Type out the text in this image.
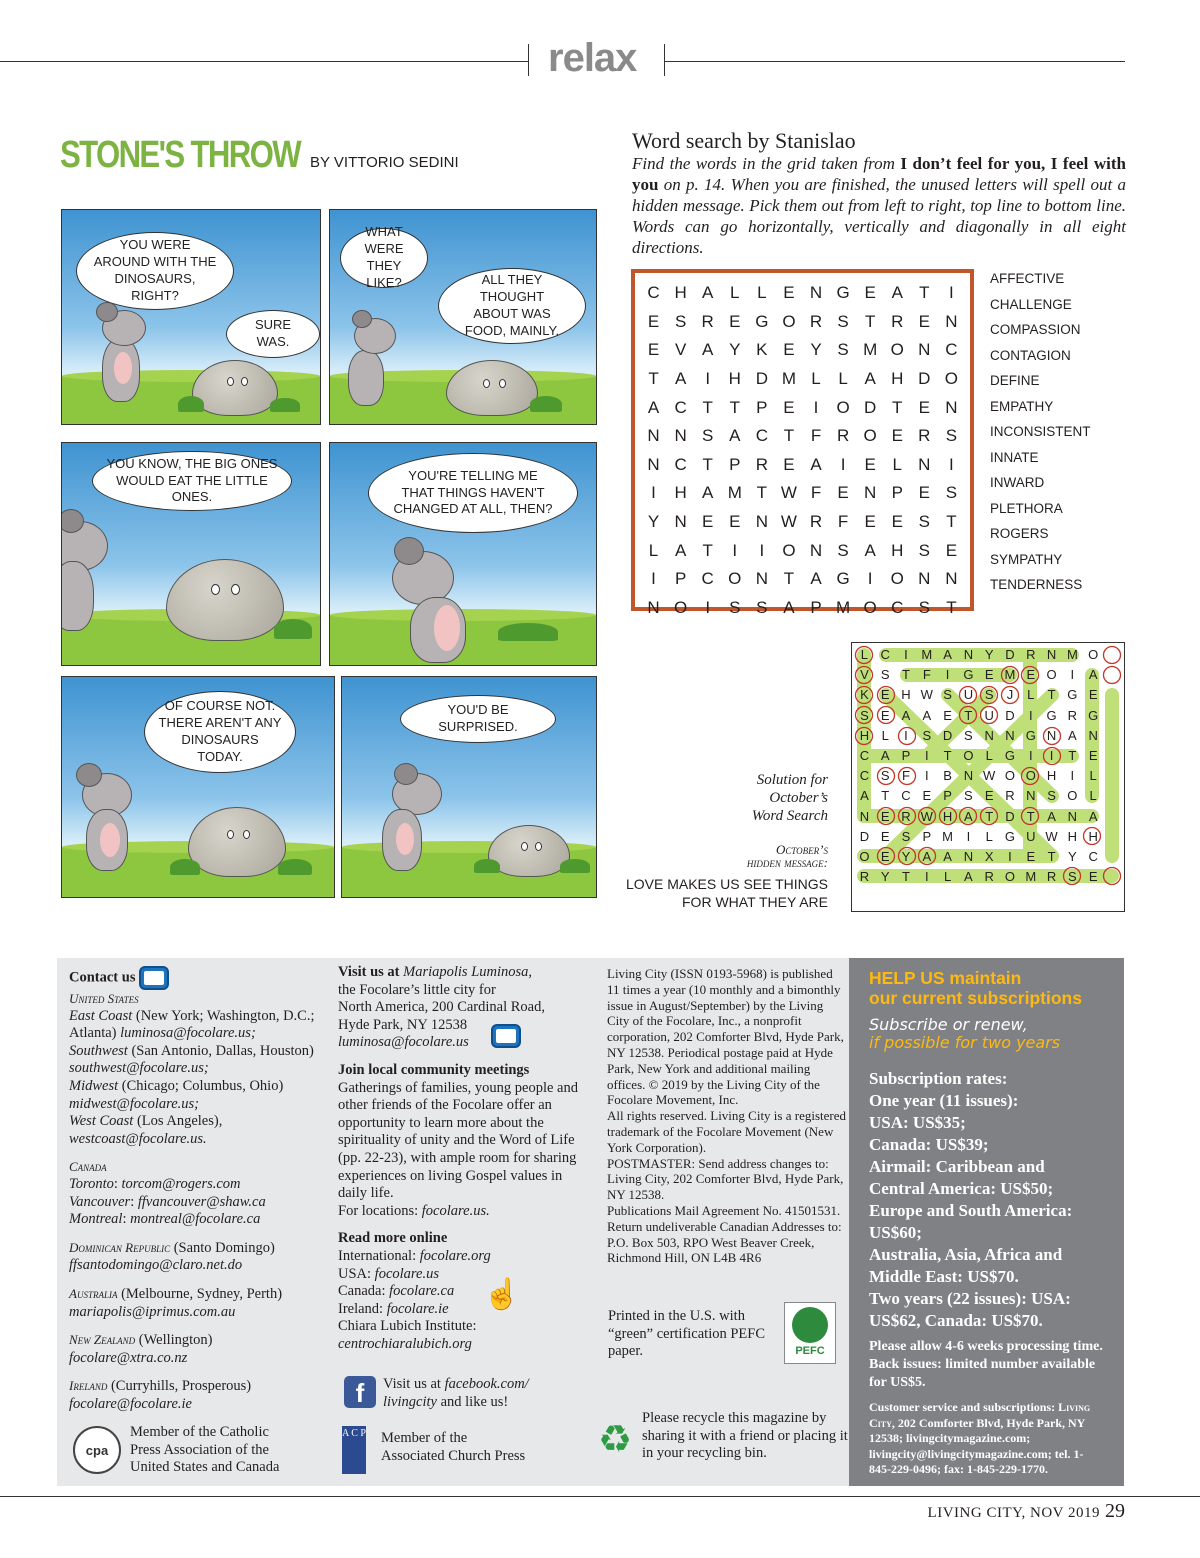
relax
STONE'S THROW BY VITTORIO SEDINI
YOU WERE
AROUND WITH THE
DINOSAURS, RIGHT?
SURE WAS.
WHAT WERE
THEY LIKE?	ALL THEY THOUGHT
ABOUT WAS
FOOD, MAINLY.
YOU KNOW, THE BIG ONES
WOULD EAT THE LITTLE ONES.
YOU'RE TELLING ME
THAT THINGS HAVEN'T
CHANGED AT ALL, THEN?
OF COURSE NOT.
THERE AREN'T ANY
DINOSAURS TODAY.
YOU'D BE SURPRISED.
Word search by Stanislao
Find the words in the grid taken from I don’t feel for you, I feel with you on p. 14. When you are finished, the unused letters will spell out a hidden message. Pick them out from left to right, top line to bottom line. Words can go horizontally, vertically and diagonally in all eight directions.
C H A L	L E N G E A T	I
E S R E G O R S T R E N
E V A Y K E Y S M O N C
T A	I	H D M L	L A H D O
A C T T P E	I	O D T E N
N N S A C T F R O E R S
N C T P R E A	I	E L N	I
I	H A M T W F E N P E S
Y N E E N W R F E E S T
L A T	I	I	O N S A H S E
I	P C O N T A G	I	O N N
N O	I	S S A P M O C S T
AFFECTIVE
CHALLENGE
COMPASSION
CONTAGION
DEFINE
EMPATHY
INCONSISTENT
INNATE
INWARD
PLETHORA
ROGERS
SYMPATHY
TENDERNESS
Solution for
October’s
Word Search
October’s
hidden message:
LOVE MAKES US SEE THINGS
FOR WHAT THEY ARE
L C	I	M A N Y D R N M O
V S T F	I	G E M E O	I	A
K E H W S U S	J	L	T G E
S E A A E T U D	I	G R G
H L	I	S D S N N G N A N
C A P	I	T O L G	I	I	T E
C S F	I	B N W O O H	I	L
A T C E P S E R N S O L
N E R W H A T D T A N A
D E S P M	I	L G U W H H
O E Y A A N X	I	E T Y C
R Y T	I	L A R O M R S E

Contact us

United States

East Coast (New York; Washington, D.C.; Atlanta) luminosa@focolare.us;

Southwest (San Antonio, Dallas, Houston) southwest@focolare.us;

Midwest (Chicago; Columbus, Ohio) midwest@focolare.us;

West Coast (Los Angeles), westcoast@focolare.us.

Canada

Toronto: torcom@rogers.com

Vancouver: ffvancouver@shaw.ca

Montreal: montreal@focolare.ca

Dominican Republic (Santo Domingo)

ffsantodomingo@claro.net.do

Australia (Melbourne, Sydney, Perth)

mariapolis@iprimus.com.au

New Zealand (Wellington)

focolare@xtra.co.nz

Ireland (Curryhills, Prosperous)

focolare@focolare.ie

cpa

Member of the Catholic

Press Association of the

United States and Canada

Visit us at Mariapolis Luminosa,

the Focolare’s little city for

North America, 200 Cardinal Road,

Hyde Park, NY 12538

luminosa@focolare.us

Join local community meetings

Gatherings of families, young people and other friends of the Focolare offer an opportunity to learn more about the spirituality of unity and the Word of Life (pp. 22-23), with ample room for sharing experiences on living Gospel values in daily life.

For locations: focolare.us.

Read more online

International: focolare.org

USA: focolare.us

Canada: focolare.ca

Ireland: focolare.ie

Chiara Lubich Institute:

centrochiaralubich.org

☝
f	Visit us at facebook.com/ livingcity and like us!

A C P Member of the

Associated Church Press

Living City (ISSN 0193-5968) is published 11 times a year (10 monthly and a bimonthly issue in August/September) by the Living City of the Focolare, Inc., a nonprofit corporation, 202 Comforter Blvd, Hyde Park, NY 12538. Periodical postage paid at Hyde Park, New York and additional mailing offices. © 2019 by the Living City of the Focolare Movement, Inc.

All rights reserved. Living City is a registered trademark of the Focolare Movement (New York Corporation).

POSTMASTER: Send address changes to: Living City, 202 Comforter Blvd, Hyde Park, NY 12538.

Publications Mail Agreement No. 41501531. Return undeliverable Canadian Addresses to: P.O. Box 503, RPO West Beaver Creek, Richmond Hill, ON L4B 4R6

Printed in the U.S. with “green” certification PEFC paper.	PEFC
♻

Please recycle this magazine by sharing it with a friend or placing it in your recycling bin.

HELP US maintain
our current subscriptions
Subscribe or renew,
if possible for two years
Subscription rates:
One year (11 issues):
USA: US$35;
Canada: US$39;
Airmail: Caribbean and Central America: US$50;
Europe and South America: US$60;
Australia, Asia, Africa and Middle East: US$70.
Two years (22 issues): USA: US$62, Canada: US$70.
Please allow 4-6 weeks processing time. Back issues: limited number available for US$5.
Customer service and subscriptions: Living City, 202 Comforter Blvd, Hyde Park, NY 12538; livingcitymagazine.com; livingcity@livingcitymagazine.com; tel. 1-845-229-0496; fax: 1-845-229-1770.
LIVING CITY, NOV 2019 29
